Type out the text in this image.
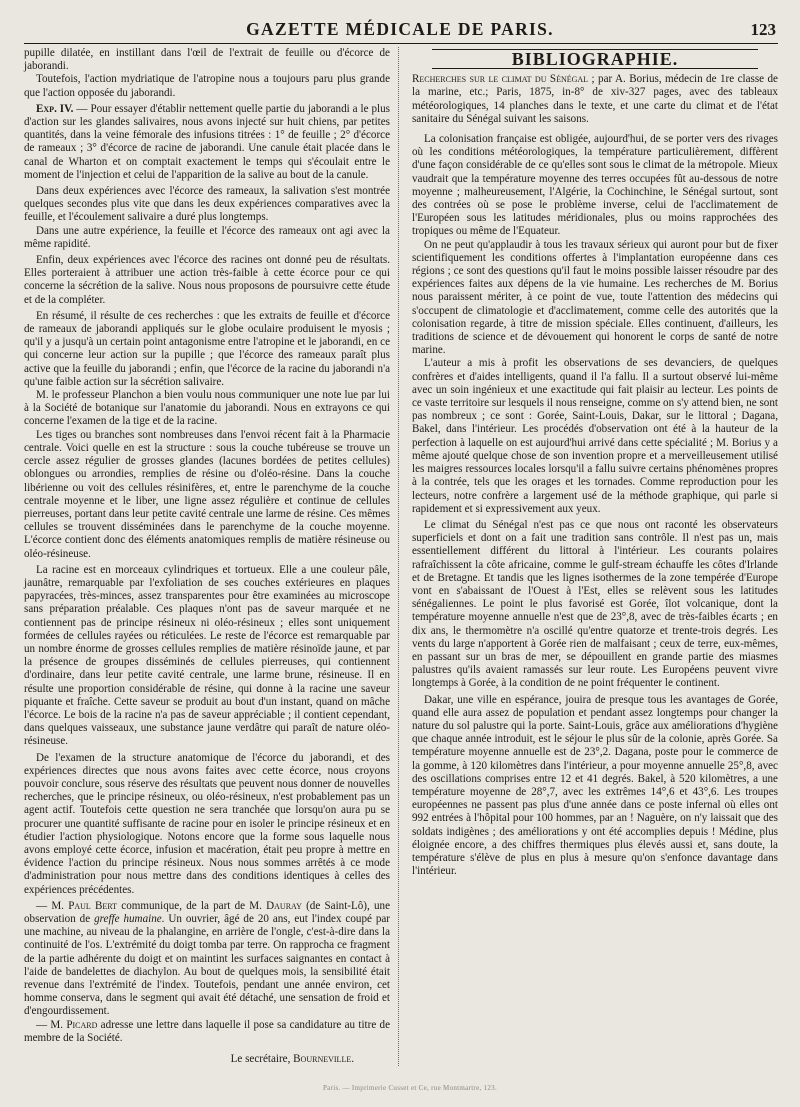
GAZETTE MÉDICALE DE PARIS.	123

pupille dilatée, en instillant dans l'œil de l'extrait de feuille ou d'écorce de jaborandi.

Toutefois, l'action mydriatique de l'atropine nous a toujours paru plus grande que l'action opposée du jaborandi.

Exp. IV. — Pour essayer d'établir nettement quelle partie du jaborandi a le plus d'action sur les glandes salivaires, nous avons injecté sur huit chiens, par petites quantités, dans la veine fémorale des infusions titrées : 1° de feuille ; 2° d'écorce de rameaux ; 3° d'écorce de racine de jaborandi. Une canule était placée dans le canal de Wharton et on comptait exactement le temps qui s'écoulait entre le moment de l'injection et celui de l'apparition de la salive au bout de la canule.

Dans deux expériences avec l'écorce des rameaux, la salivation s'est montrée quelques secondes plus vite que dans les deux expériences comparatives avec la feuille, et l'écoulement salivaire a duré plus longtemps.

Dans une autre expérience, la feuille et l'écorce des rameaux ont agi avec la même rapidité.

Enfin, deux expériences avec l'écorce des racines ont donné peu de résultats. Elles porteraient à attribuer une action très-faible à cette écorce pour ce qui concerne la sécrétion de la salive. Nous nous proposons de poursuivre cette étude et de la compléter.

En résumé, il résulte de ces recherches : que les extraits de feuille et d'écorce de rameaux de jaborandi appliqués sur le globe oculaire produisent le myosis ; qu'il y a jusqu'à un certain point antagonisme entre l'atropine et le jaborandi, en ce qui concerne leur action sur la pupille ; que l'écorce des rameaux paraît plus active que la feuille du jaborandi ; enfin, que l'écorce de la racine du jaborandi n'a qu'une faible action sur la sécrétion salivaire.

M. le professeur Planchon a bien voulu nous communiquer une note lue par lui à la Société de botanique sur l'anatomie du jaborandi. Nous en extrayons ce qui concerne l'examen de la tige et de la racine.

Les tiges ou branches sont nombreuses dans l'envoi récent fait à la Pharmacie centrale. Voici quelle en est la structure : sous la couche tubéreuse se trouve un cercle assez régulier de grosses glandes (lacunes bordées de petites cellules) oblongues ou arrondies, remplies de résine ou d'oléo-résine. Dans la couche libérienne ou voit des cellules résinifères, et, entre le parenchyme de la couche centrale moyenne et le liber, une ligne assez régulière et continue de cellules pierreuses, portant dans leur petite cavité centrale une larme de résine. Ces mêmes cellules se trouvent disséminées dans le parenchyme de la couche moyenne. L'écorce contient donc des éléments anatomiques remplis de matière résineuse ou oléo-résineuse.

La racine est en morceaux cylindriques et tortueux. Elle a une couleur pâle, jaunâtre, remarquable par l'exfoliation de ses couches extérieures en plaques papyracées, très-minces, assez transparentes pour être examinées au microscope sans préparation préalable. Ces plaques n'ont pas de saveur marquée et ne contiennent pas de principe résineux ni oléo-résineux ; elles sont uniquement formées de cellules rayées ou réticulées. Le reste de l'écorce est remarquable par un nombre énorme de grosses cellules remplies de matière résinoïde jaune, et par la présence de groupes disséminés de cellules pierreuses, qui contiennent d'ordinaire, dans leur petite cavité centrale, une larme brune, résineuse. Il en résulte une proportion considérable de résine, qui donne à la racine une saveur piquante et fraîche. Cette saveur se produit au bout d'un instant, quand on mâche l'écorce. Le bois de la racine n'a pas de saveur appréciable ; il contient cependant, dans quelques vaisseaux, une substance jaune verdâtre qui paraît de nature oléo-résineuse.

De l'examen de la structure anatomique de l'écorce du jaborandi, et des expériences directes que nous avons faites avec cette écorce, nous croyons pouvoir conclure, sous réserve des résultats que peuvent nous donner de nouvelles recherches, que le principe résineux, ou oléo-résineux, n'est probablement pas un agent actif. Toutefois cette question ne sera tranchée que lorsqu'on aura pu se procurer une quantité suffisante de racine pour en isoler le principe résineux et en étudier l'action physiologique. Notons encore que la forme sous laquelle nous avons employé cette écorce, infusion et macération, était peu propre à mettre en évidence l'action du principe résineux. Nous nous sommes arrêtés à ce mode d'administration pour nous mettre dans des conditions identiques à celles des expériences précédentes.

— M. Paul Bert communique, de la part de M. Dauray (de Saint-Lô), une observation de greffe humaine. Un ouvrier, âgé de 20 ans, eut l'index coupé par une machine, au niveau de la phalangine, en arrière de l'ongle, c'est-à-dire dans la continuité de l'os. L'extrémité du doigt tomba par terre. On rapprocha ce fragment de la partie adhérente du doigt et on maintint les surfaces saignantes en contact à l'aide de bandelettes de diachylon. Au bout de quelques mois, la sensibilité était revenue dans l'extrémité de l'index. Toutefois, pendant une année environ, cet homme conserva, dans le segment qui avait été détaché, une sensation de froid et d'engourdissement.

— M. Picard adresse une lettre dans laquelle il pose sa candidature au titre de membre de la Société.

Le secrétaire, Bourneville.
BIBLIOGRAPHIE.

Recherches sur le climat du Sénégal ; par A. Borius, médecin de 1re classe de la marine, etc.; Paris, 1875, in-8° de xiv-327 pages, avec des tableaux météorologiques, 14 planches dans le texte, et une carte du climat et de l'état sanitaire du Sénégal suivant les saisons.

La colonisation française est obligée, aujourd'hui, de se porter vers des rivages où les conditions météorologiques, la température particulièrement, diffèrent d'une façon considérable de ce qu'elles sont sous le climat de la métropole. Mieux vaudrait que la température moyenne des terres occupées fût au-dessous de notre moyenne ; malheureusement, l'Algérie, la Cochinchine, le Sénégal surtout, sont des contrées où se pose le problème inverse, celui de l'acclimatement de l'Européen sous les latitudes méridionales, plus ou moins rapprochées des tropiques ou même de l'Equateur.

On ne peut qu'applaudir à tous les travaux sérieux qui auront pour but de fixer scientifiquement les conditions offertes à l'implantation européenne dans ces régions ; ce sont des questions qu'il faut le moins possible laisser résoudre par des expériences faites aux dépens de la vie humaine. Les recherches de M. Borius nous paraissent mériter, à ce point de vue, toute l'attention des médecins qui s'occupent de climatologie et d'acclimatement, comme celle des autorités que la colonisation regarde, à titre de mission spéciale. Elles continuent, d'ailleurs, les traditions de science et de dévouement qui honorent le corps de santé de notre marine.

L'auteur a mis à profit les observations de ses devanciers, de quelques confrères et d'aides intelligents, quand il l'a fallu. Il a surtout observé lui-même avec un soin ingénieux et une exactitude qui fait plaisir au lecteur. Les points de ce vaste territoire sur lesquels il nous renseigne, comme on s'y attend bien, ne sont pas nombreux ; ce sont : Gorée, Saint-Louis, Dakar, sur le littoral ; Dagana, Bakel, dans l'intérieur. Les procédés d'observation ont été à la hauteur de la perfection à laquelle on est aujourd'hui arrivé dans cette spécialité ; M. Borius y a même ajouté quelque chose de son invention propre et a merveilleusement utilisé les maigres ressources locales lorsqu'il a fallu suivre certains phénomènes propres à la contrée, tels que les orages et les tornades. Comme reproduction pour les lecteurs, notre confrère a largement usé de la méthode graphique, qui parle si rapidement et si expressivement aux yeux.

Le climat du Sénégal n'est pas ce que nous ont raconté les observateurs superficiels et dont on a fait une tradition sans contrôle. Il n'est pas un, mais essentiellement différent du littoral à l'intérieur. Les courants polaires rafraîchissent la côte africaine, comme le gulf-stream échauffe les côtes d'Irlande et de Bretagne. Et tandis que les lignes isothermes de la zone tempérée d'Europe vont en s'abaissant de l'Ouest à l'Est, elles se relèvent sous les latitudes sénégaliennes. Le point le plus favorisé est Gorée, îlot volcanique, dont la température moyenne annuelle n'est que de 23°,8, avec de très-faibles écarts ; en dix ans, le thermomètre n'a oscillé qu'entre quatorze et trente-trois degrés. Les vents du large n'apportent à Gorée rien de malfaisant ; ceux de terre, eux-mêmes, en passant sur un bras de mer, se dépouillent en grande partie des miasmes palustres qu'ils avaient ramassés sur leur route. Les Européens peuvent vivre longtemps à Gorée, à la condition de ne point fréquenter le continent.

Dakar, une ville en espérance, jouira de presque tous les avantages de Gorée, quand elle aura assez de population et pendant assez longtemps pour changer la nature du sol palustre qui la porte. Saint-Louis, grâce aux améliorations d'hygiène que chaque année introduit, est le séjour le plus sûr de la colonie, après Gorée. Sa température moyenne annuelle est de 23°,2. Dagana, poste pour le commerce de la gomme, à 120 kilomètres dans l'intérieur, a pour moyenne annuelle 25°,8, avec des oscillations comprises entre 12 et 41 degrés. Bakel, à 520 kilomètres, a une température moyenne de 28°,7, avec les extrêmes 14°,6 et 43°,6. Les troupes européennes ne passent pas plus d'une année dans ce poste infernal où elles ont 992 entrées à l'hôpital pour 100 hommes, par an ! Naguère, on n'y laissait que des soldats indigènes ; des améliorations y ont été accomplies depuis ! Médine, plus éloignée encore, a des chiffres thermiques plus élevés aussi et, sans doute, la température s'élève de plus en plus à mesure qu'on s'enfonce davantage dans l'intérieur.

Paris. — Imprimerie Cusset et Ce, rue Montmartre, 123.
